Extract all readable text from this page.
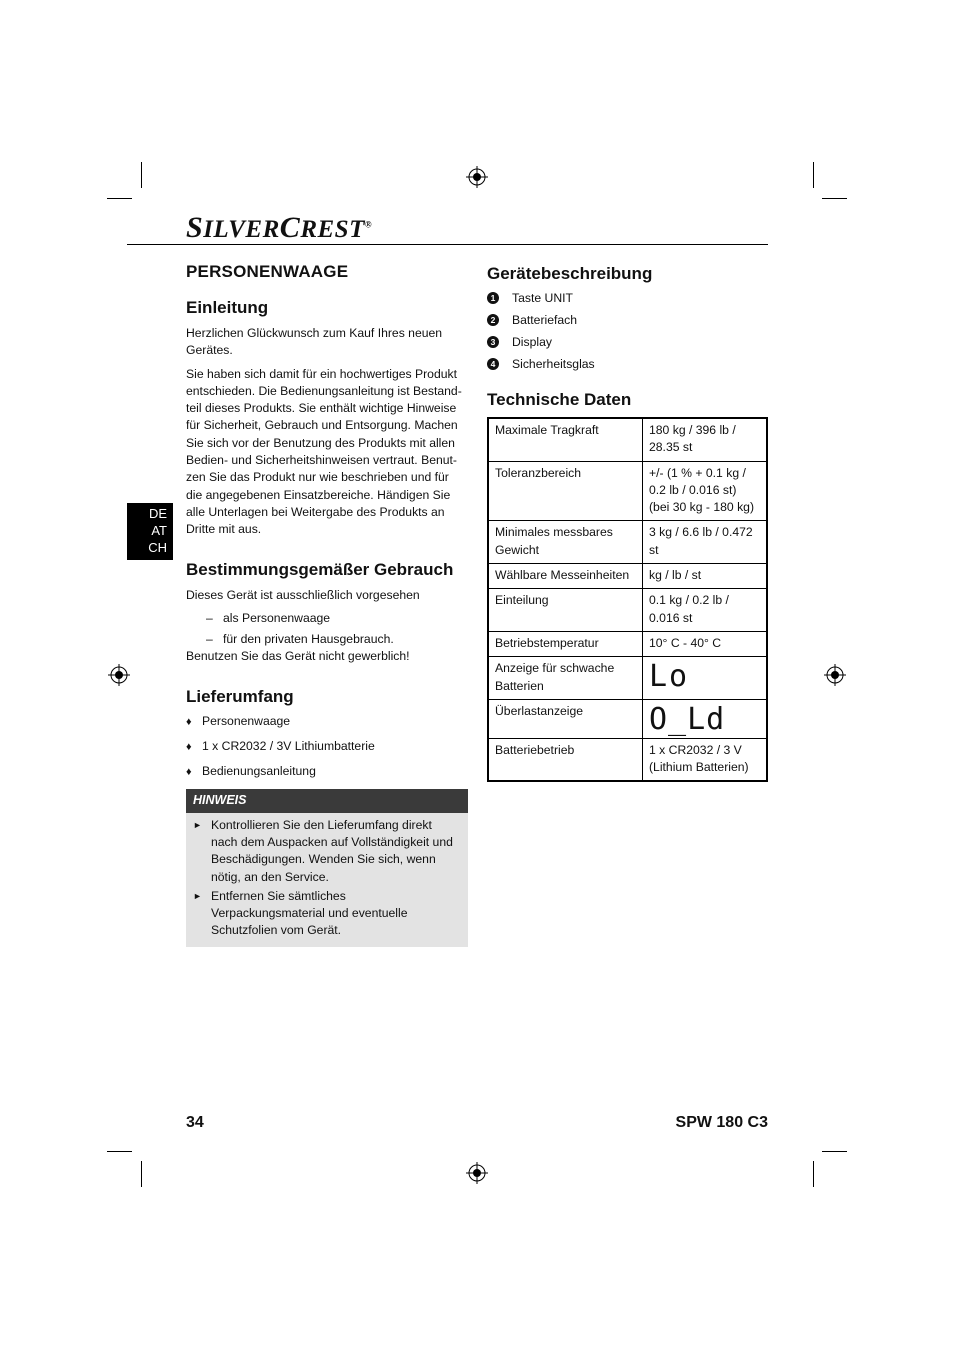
SILVERCREST®
DE
AT
CH
PERSONENWAAGE
Einleitung

Herzlichen Glückwunsch zum Kauf Ihres neuen Gerätes.

Sie haben sich damit für ein hochwertiges Produkt entschieden. Die Bedienungsanleitung ist Bestand-teil dieses Produkts. Sie enthält wichtige Hinweise für Sicherheit, Gebrauch und Entsorgung. Machen Sie sich vor der Benutzung des Produkts mit allen Bedien- und Sicherheitshinweisen vertraut. Benut-zen Sie das Produkt nur wie beschrieben und für die angegebenen Einsatzbereiche. Händigen Sie alle Unterlagen bei Weitergabe des Produkts an Dritte mit aus.

Bestimmungsgemäßer Gebrauch

Dieses Gerät ist ausschließlich vorgesehen

– als Personenwaage
– für den privaten Hausgebrauch.

Benutzen Sie das Gerät nicht gewerblich!

Lieferumfang
♦ Personenwaage
♦ 1 x CR2032 / 3V Lithiumbatterie
♦ Bedienungsanleitung
HINWEIS
► Kontrollieren Sie den Lieferumfang direkt nach dem Auspacken auf Vollständigkeit und Beschädigungen. Wenden Sie sich, wenn nötig, an den Service.
► Entfernen Sie sämtliches Verpackungsmaterial und eventuelle Schutzfolien vom Gerät.
Gerätebeschreibung
1 Taste UNIT
2 Batteriefach
3 Display
4 Sicherheitsglas
Technische Daten
Maximale Tragkraft	180 kg / 396 lb / 28.35 st
Toleranzbereich	+/- (1 % + 0.1 kg / 0.2 lb / 0.016 st) (bei 30 kg - 180 kg)
Minimales messbares Gewicht	3 kg / 6.6 lb / 0.472 st
Wählbare Messeinheiten	kg / lb / st
Einteilung	0.1 kg / 0.2 lb / 0.016 st
Betriebstemperatur	10° C - 40° C
Anzeige für schwache Batterien	Lo
Überlastanzeige	O_Ld
Batteriebetrieb	1 x CR2032 / 3 V (Lithium Batterien)
34	SPW 180 C3
